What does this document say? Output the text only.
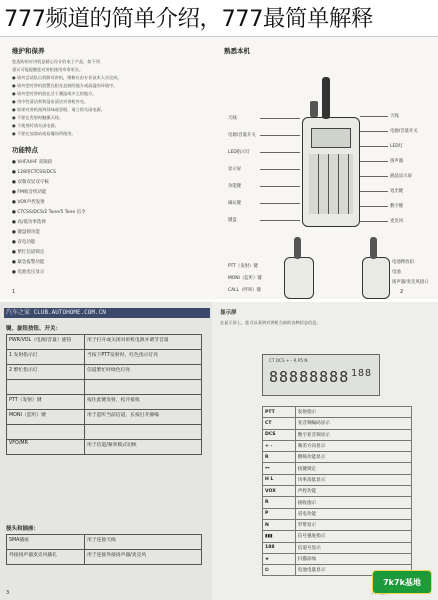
777频道的简单介绍，777最简单解释
维护和保养
您选购的对讲机是精心设计的电子产品，如下列
建议可能提醒您对讲机使用寿命更长。
● 请勿尝试私自拆卸对讲机，维修应由专业技术人员完成。
● 请勿把对讲机放置在阳光直射的地方或高温的环境中。
● 请勿把对讲机放在过于潮湿或多尘的地方。
● 用中性清洁剂和湿布清洁对讲机外壳。
● 如果对讲机闻到异味或冒烟，请立即关闭电源。
● 不要在发射时触摸天线。
● 不使用时请关闭电源。
● 不要在加油站或易爆场所使用。
功能特点
● VHF/UHF 双频段
● 128组CTCSS/DCS
● 双频双显双守候
● FM收音机功能
● VOX声控发射
● CTCSS/DCS/2 Tone/5 Tone 信令
● 高/低功率选择
● 键盘锁功能
● 省电功能
● 繁忙信道锁定
● 紧急报警功能
● 电池电压显示
1
熟悉本机
天线
电源/音量开关
LED指示灯
显示屏
功能键
确认键
键盘
天线
电源/音量开关
LED灯
扬声器
液晶显示屏
退出键
数字键
麦克风
PTT（发射）键
MONI（监听）键
CALL（呼叫）键
电池释放扣
电池
扬声器/麦克风接口
2
汽车之家 CLUB.AUTOHOME.COM.CN
键、旋钮按钮、开关：
PWR/VOL（电源/音量）旋钮	用于打开或关闭对讲机电源并调节音量
1 发射指示灯	当按下PTT发射时，红色指示灯亮
2 繁忙指示灯	信道繁忙时绿色灯亮

PTT（发射）键	按住此键发射，松开接收
MONI（监听）键	用于监听当前信道，长按打开静噪

VFO/MR	用于信道/频率模式切换
接头和插座：
SMA插座	用于连接天线
外接扬声器麦克风插孔	用于连接外接扬声器/麦克风
3
显示屏
在显示屏上，您可以看到对讲机当前的各种状态信息。
CT DCS + - R P5 N
88888888 188
PTT	发射指示
CT	亚音频编码显示
DCS	数字亚音频显示
+ -	频差方向显示
R	倒频功能显示
⊷	按键锁定
H L	功率高低显示
VOX	声控功能
R	接收指示
P	省电功能
N	窄带显示
▮▮▮	信号强度指示
188	信道号显示
★	扫描添加
⏻	电池电量显示
7k7k基地
